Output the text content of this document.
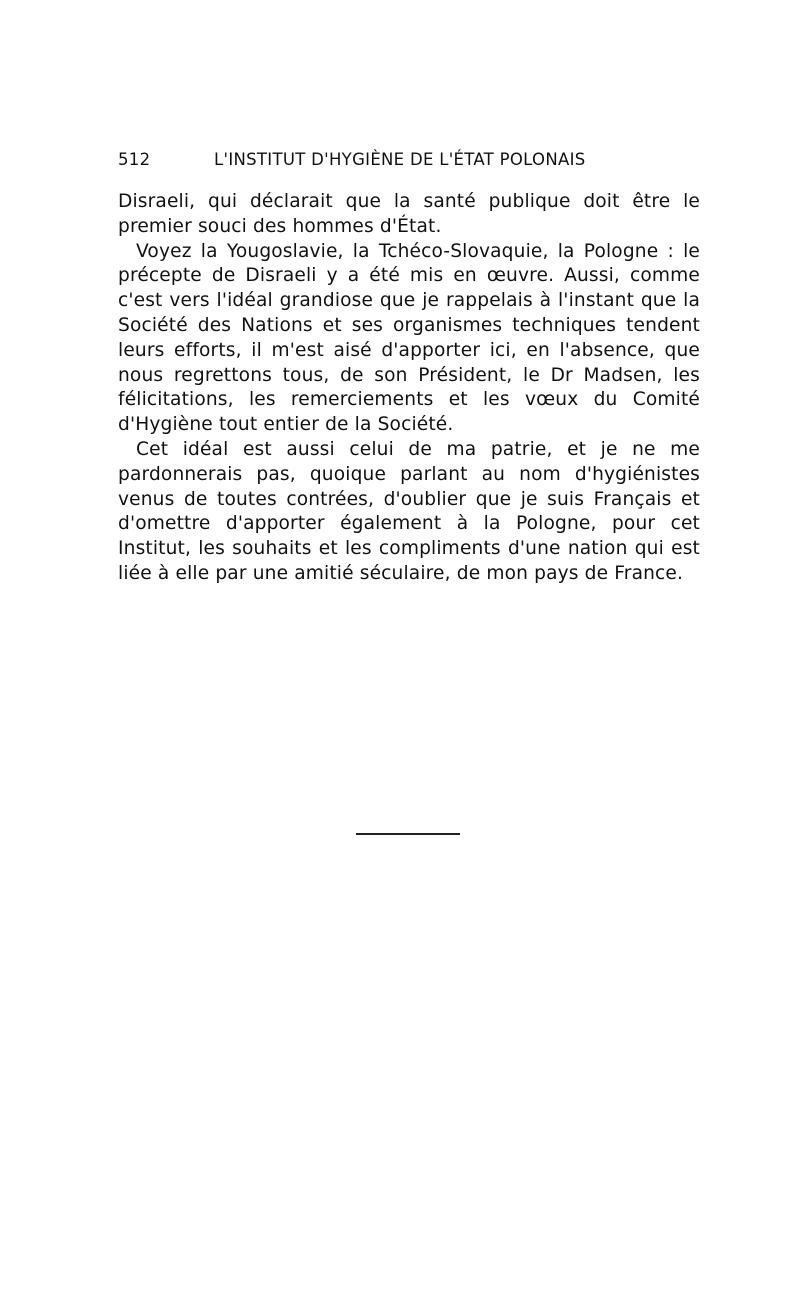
512	L'INSTITUT D'HYGIÈNE DE L'ÉTAT POLONAIS

Disraeli, qui déclarait que la santé publique doit être le premier souci des hommes d'État.

Voyez la Yougoslavie, la Tchéco-Slovaquie, la Pologne : le précepte de Disraeli y a été mis en œuvre. Aussi, comme c'est vers l'idéal grandiose que je rappelais à l'instant que la Société des Nations et ses organismes techniques tendent leurs efforts, il m'est aisé d'apporter ici, en l'absence, que nous regrettons tous, de son Président, le Dr Madsen, les félicitations, les remerciements et les vœux du Comité d'Hygiène tout entier de la Société.

Cet idéal est aussi celui de ma patrie, et je ne me pardonnerais pas, quoique parlant au nom d'hygiénistes venus de toutes contrées, d'oublier que je suis Français et d'omettre d'apporter également à la Pologne, pour cet Institut, les souhaits et les compliments d'une nation qui est liée à elle par une amitié séculaire, de mon pays de France.
